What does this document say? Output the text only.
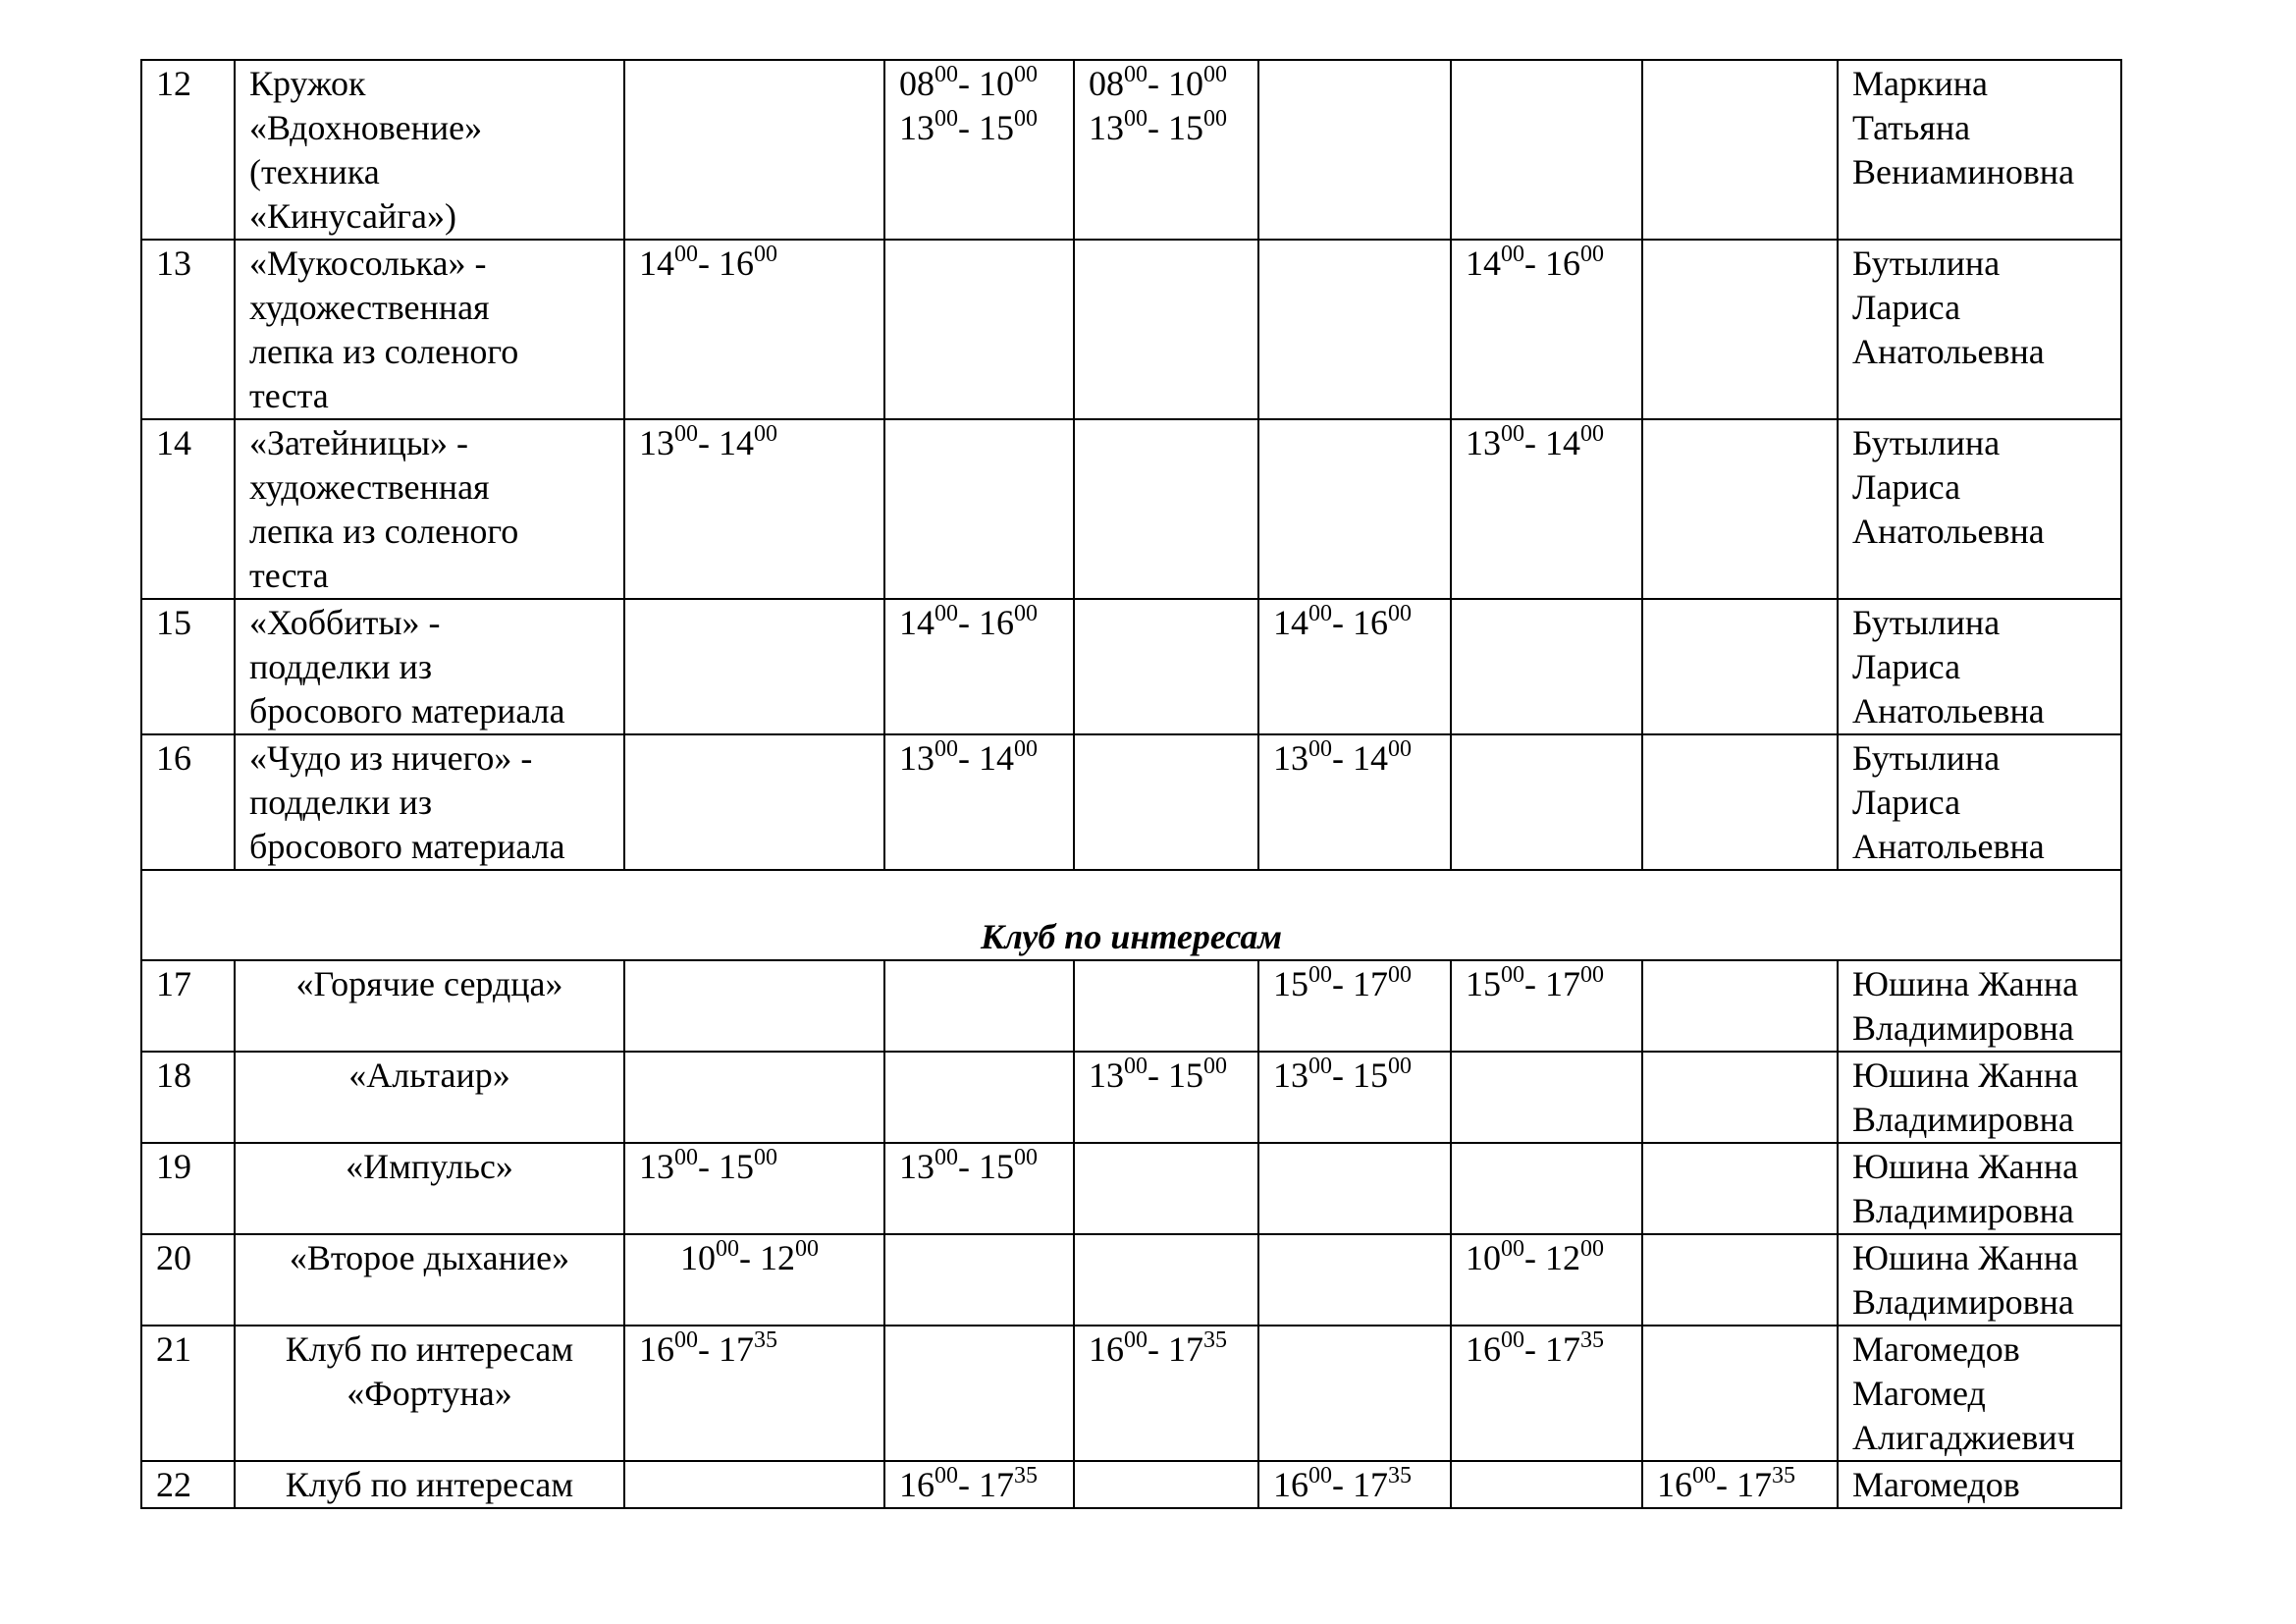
12	Кружок
«Вдохновение»
(техника
«Кинусайга»)		$08^{00}-$ $10^{00}$
$13^{00}-$ $15^{00}$	$08^{00}-$ $10^{00}$
$13^{00}-$ $15^{00}$				Маркина
Татьяна
Вениаминовна

13	«Мукосолька» -
художественная
лепка из соленого
теста	$14^{00}-$ $16^{00}$				$14^{00}-$ $16^{00}$		Бутылина
Лариса
Анатольевна

14	«Затейницы» -
художественная
лепка из соленого
теста	$13^{00}-$ $14^{00}$				$13^{00}-$ $14^{00}$		Бутылина
Лариса
Анатольевна

15	«Хоббиты» -
подделки из
бросового материала		$14^{00}-$ $16^{00}$		$14^{00}-$ $16^{00}$			Бутылина
Лариса
Анатольевна

16	«Чудо из ничего» -
подделки из
бросового материала		$13^{00}-$ $14^{00}$		$13^{00}-$ $14^{00}$			Бутылина
Лариса
Анатольевна

Клуб по интересам								
17	«Горячие сердца»				$15^{00}-$ $17^{00}$	$15^{00}-$ $17^{00}$		Юшина Жанна
Владимировна

18	«Альтаир»			$13^{00}-$ $15^{00}$	$13^{00}-$ $15^{00}$			Юшина Жанна
Владимировна

19	«Импульс»	$13^{00}-$ $15^{00}$	$13^{00}-$ $15^{00}$					Юшина Жанна
Владимировна

20	«Второе дыхание»	$10^{00}-$ $12^{00}$				$10^{00}-$ $12^{00}$		Юшина Жанна
Владимировна

21	Клуб по интересам
«Фортуна»	$16^{00}-$ $17^{35}$		$16^{00}-$ $17^{35}$		$16^{00}-$ $17^{35}$		Магомедов
Магомед
Алигаджиевич

22	Клуб по интересам		$16^{00}-$ $17^{35}$		$16^{00}-$ $17^{35}$		$16^{00}-$ $17^{35}$	Магомедов
